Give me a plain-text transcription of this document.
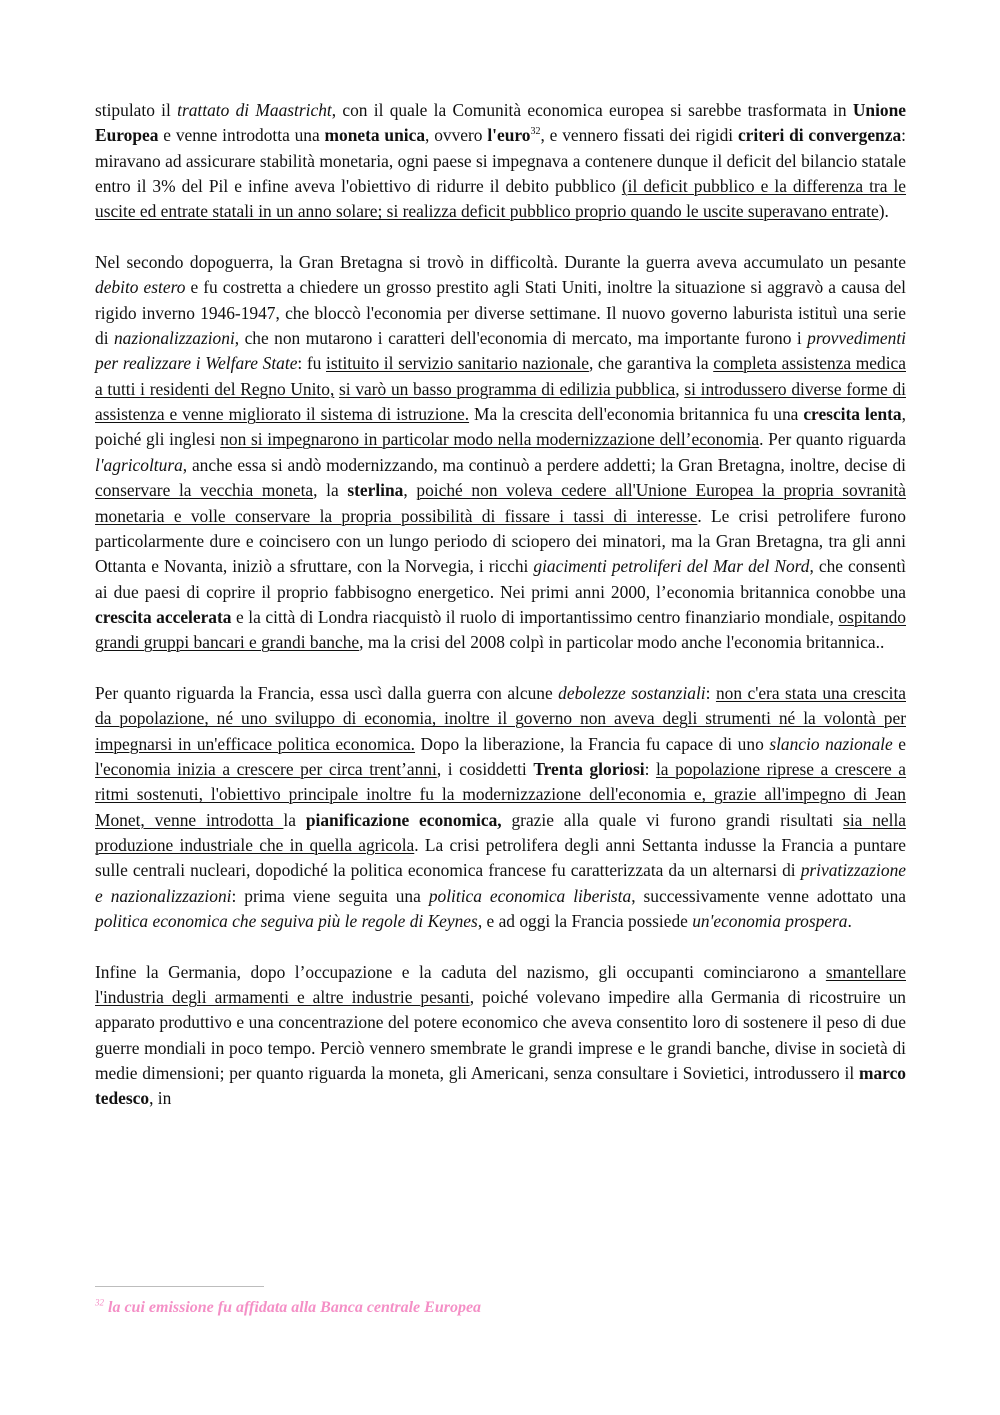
stipulato il trattato di Maastricht, con il quale la Comunità economica europea si sarebbe trasformata in Unione Europea e venne introdotta una moneta unica, ovvero l'euro$^{32}$, e vennero fissati dei rigidi criteri di convergenza: miravano ad assicurare stabilità monetaria, ogni paese si impegnava a contenere dunque il deficit del bilancio statale entro il 3% del Pil e infine aveva l'obiettivo di ridurre il debito pubblico (il deficit pubblico e la differenza tra le uscite ed entrate statali in un anno solare; si realizza deficit pubblico proprio quando le uscite superavano entrate).

Nel secondo dopoguerra, la Gran Bretagna si trovò in difficoltà. Durante la guerra aveva accumulato un pesante debito estero e fu costretta a chiedere un grosso prestito agli Stati Uniti, inoltre la situazione si aggravò a causa del rigido inverno 1946-1947, che bloccò l'economia per diverse settimane. Il nuovo governo laburista istituì una serie di nazionalizzazioni, che non mutarono i caratteri dell'economia di mercato, ma importante furono i provvedimenti per realizzare i Welfare State: fu istituito il servizio sanitario nazionale, che garantiva la completa assistenza medica a tutti i residenti del Regno Unito, si varò un basso programma di edilizia pubblica, si introdussero diverse forme di assistenza e venne migliorato il sistema di istruzione. Ma la crescita dell'economia britannica fu una crescita lenta, poiché gli inglesi non si impegnarono in particolar modo nella modernizzazione dell’economia. Per quanto riguarda l'agricoltura, anche essa si andò modernizzando, ma continuò a perdere addetti; la Gran Bretagna, inoltre, decise di conservare la vecchia moneta, la sterlina, poiché non voleva cedere all'Unione Europea la propria sovranità monetaria e volle conservare la propria possibilità di fissare i tassi di interesse. Le crisi petrolifere furono particolarmente dure e coincisero con un lungo periodo di sciopero dei minatori, ma la Gran Bretagna, tra gli anni Ottanta e Novanta, iniziò a sfruttare, con la Norvegia, i ricchi giacimenti petroliferi del Mar del Nord, che consentì ai due paesi di coprire il proprio fabbisogno energetico. Nei primi anni 2000, l’economia britannica conobbe una crescita accelerata e la città di Londra riacquistò il ruolo di importantissimo centro finanziario mondiale, ospitando grandi gruppi bancari e grandi banche, ma la crisi del 2008 colpì in particolar modo anche l'economia britannica..

Per quanto riguarda la Francia, essa uscì dalla guerra con alcune debolezze sostanziali: non c'era stata una crescita da popolazione, né uno sviluppo di economia, inoltre il governo non aveva degli strumenti né la volontà per impegnarsi in un'efficace politica economica. Dopo la liberazione, la Francia fu capace di uno slancio nazionale e l'economia inizia a crescere per circa trent’anni, i cosiddetti Trenta gloriosi: la popolazione riprese a crescere a ritmi sostenuti, l'obiettivo principale inoltre fu la modernizzazione dell'economia e, grazie all'impegno di Jean Monet, venne introdotta la pianificazione economica, grazie alla quale vi furono grandi risultati sia nella produzione industriale che in quella agricola. La crisi petrolifera degli anni Settanta indusse la Francia a puntare sulle centrali nucleari, dopodiché la politica economica francese fu caratterizzata da un alternarsi di privatizzazione e nazionalizzazioni: prima viene seguita una politica economica liberista, successivamente venne adottato una politica economica che seguiva più le regole di Keynes, e ad oggi la Francia possiede un'economia prospera.

Infine la Germania, dopo l’occupazione e la caduta del nazismo, gli occupanti cominciarono a smantellare l'industria degli armamenti e altre industrie pesanti, poiché volevano impedire alla Germania di ricostruire un apparato produttivo e una concentrazione del potere economico che aveva consentito loro di sostenere il peso di due guerre mondiali in poco tempo. Perciò vennero smembrate le grandi imprese e le grandi banche, divise in società di medie dimensioni; per quanto riguarda la moneta, gli Americani, senza consultare i Sovietici, introdussero il marco tedesco, in

$^{32}$ la cui emissione fu affidata alla Banca centrale Europea
